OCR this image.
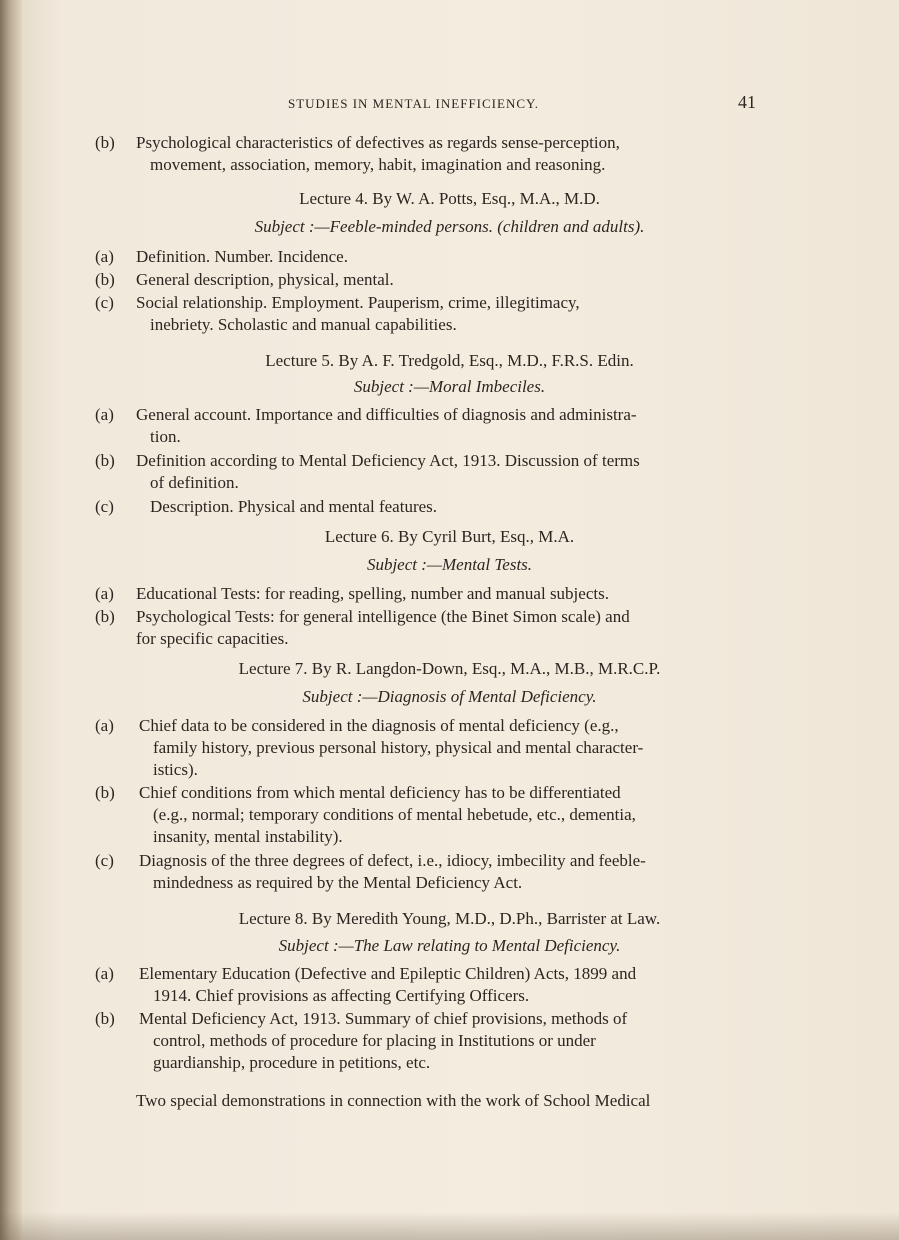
STUDIES IN MENTAL INEFFICIENCY.	41
(b) Psychological characteristics of defectives as regards sense-perception,
movement, association, memory, habit, imagination and reasoning.
Lecture 4. By W. A. Potts, Esq., M.A., M.D.
Subject :—Feeble-minded persons. (children and adults).
(a) Definition. Number. Incidence.
(b) General description, physical, mental.
(c) Social relationship. Employment. Pauperism, crime, illegitimacy,
inebriety. Scholastic and manual capabilities.
Lecture 5. By A. F. Tredgold, Esq., M.D., F.R.S. Edin.
Subject :—Moral Imbeciles.
(a) General account. Importance and difficulties of diagnosis and administra-
tion.
(b) Definition according to Mental Deficiency Act, 1913. Discussion of terms
of definition.
(c)	Description. Physical and mental features.
Lecture 6. By Cyril Burt, Esq., M.A.
Subject :—Mental Tests.
(a) Educational Tests: for reading, spelling, number and manual subjects.
(b) Psychological Tests: for general intelligence (the Binet Simon scale) and
for specific capacities.
Lecture 7. By R. Langdon-Down, Esq., M.A., M.B., M.R.C.P.
Subject :—Diagnosis of Mental Deficiency.
(a) Chief data to be considered in the diagnosis of mental deficiency (e.g.,
family history, previous personal history, physical and mental character-
istics).
(b) Chief conditions from which mental deficiency has to be differentiated
(e.g., normal; temporary conditions of mental hebetude, etc., dementia,
insanity, mental instability).
(c) Diagnosis of the three degrees of defect, i.e., idiocy, imbecility and feeble-
mindedness as required by the Mental Deficiency Act.
Lecture 8. By Meredith Young, M.D., D.Ph., Barrister at Law.
Subject :—The Law relating to Mental Deficiency.
(a) Elementary Education (Defective and Epileptic Children) Acts, 1899 and
1914. Chief provisions as affecting Certifying Officers.
(b) Mental Deficiency Act, 1913. Summary of chief provisions, methods of
control, methods of procedure for placing in Institutions or under
guardianship, procedure in petitions, etc.
Two special demonstrations in connection with the work of School Medical
